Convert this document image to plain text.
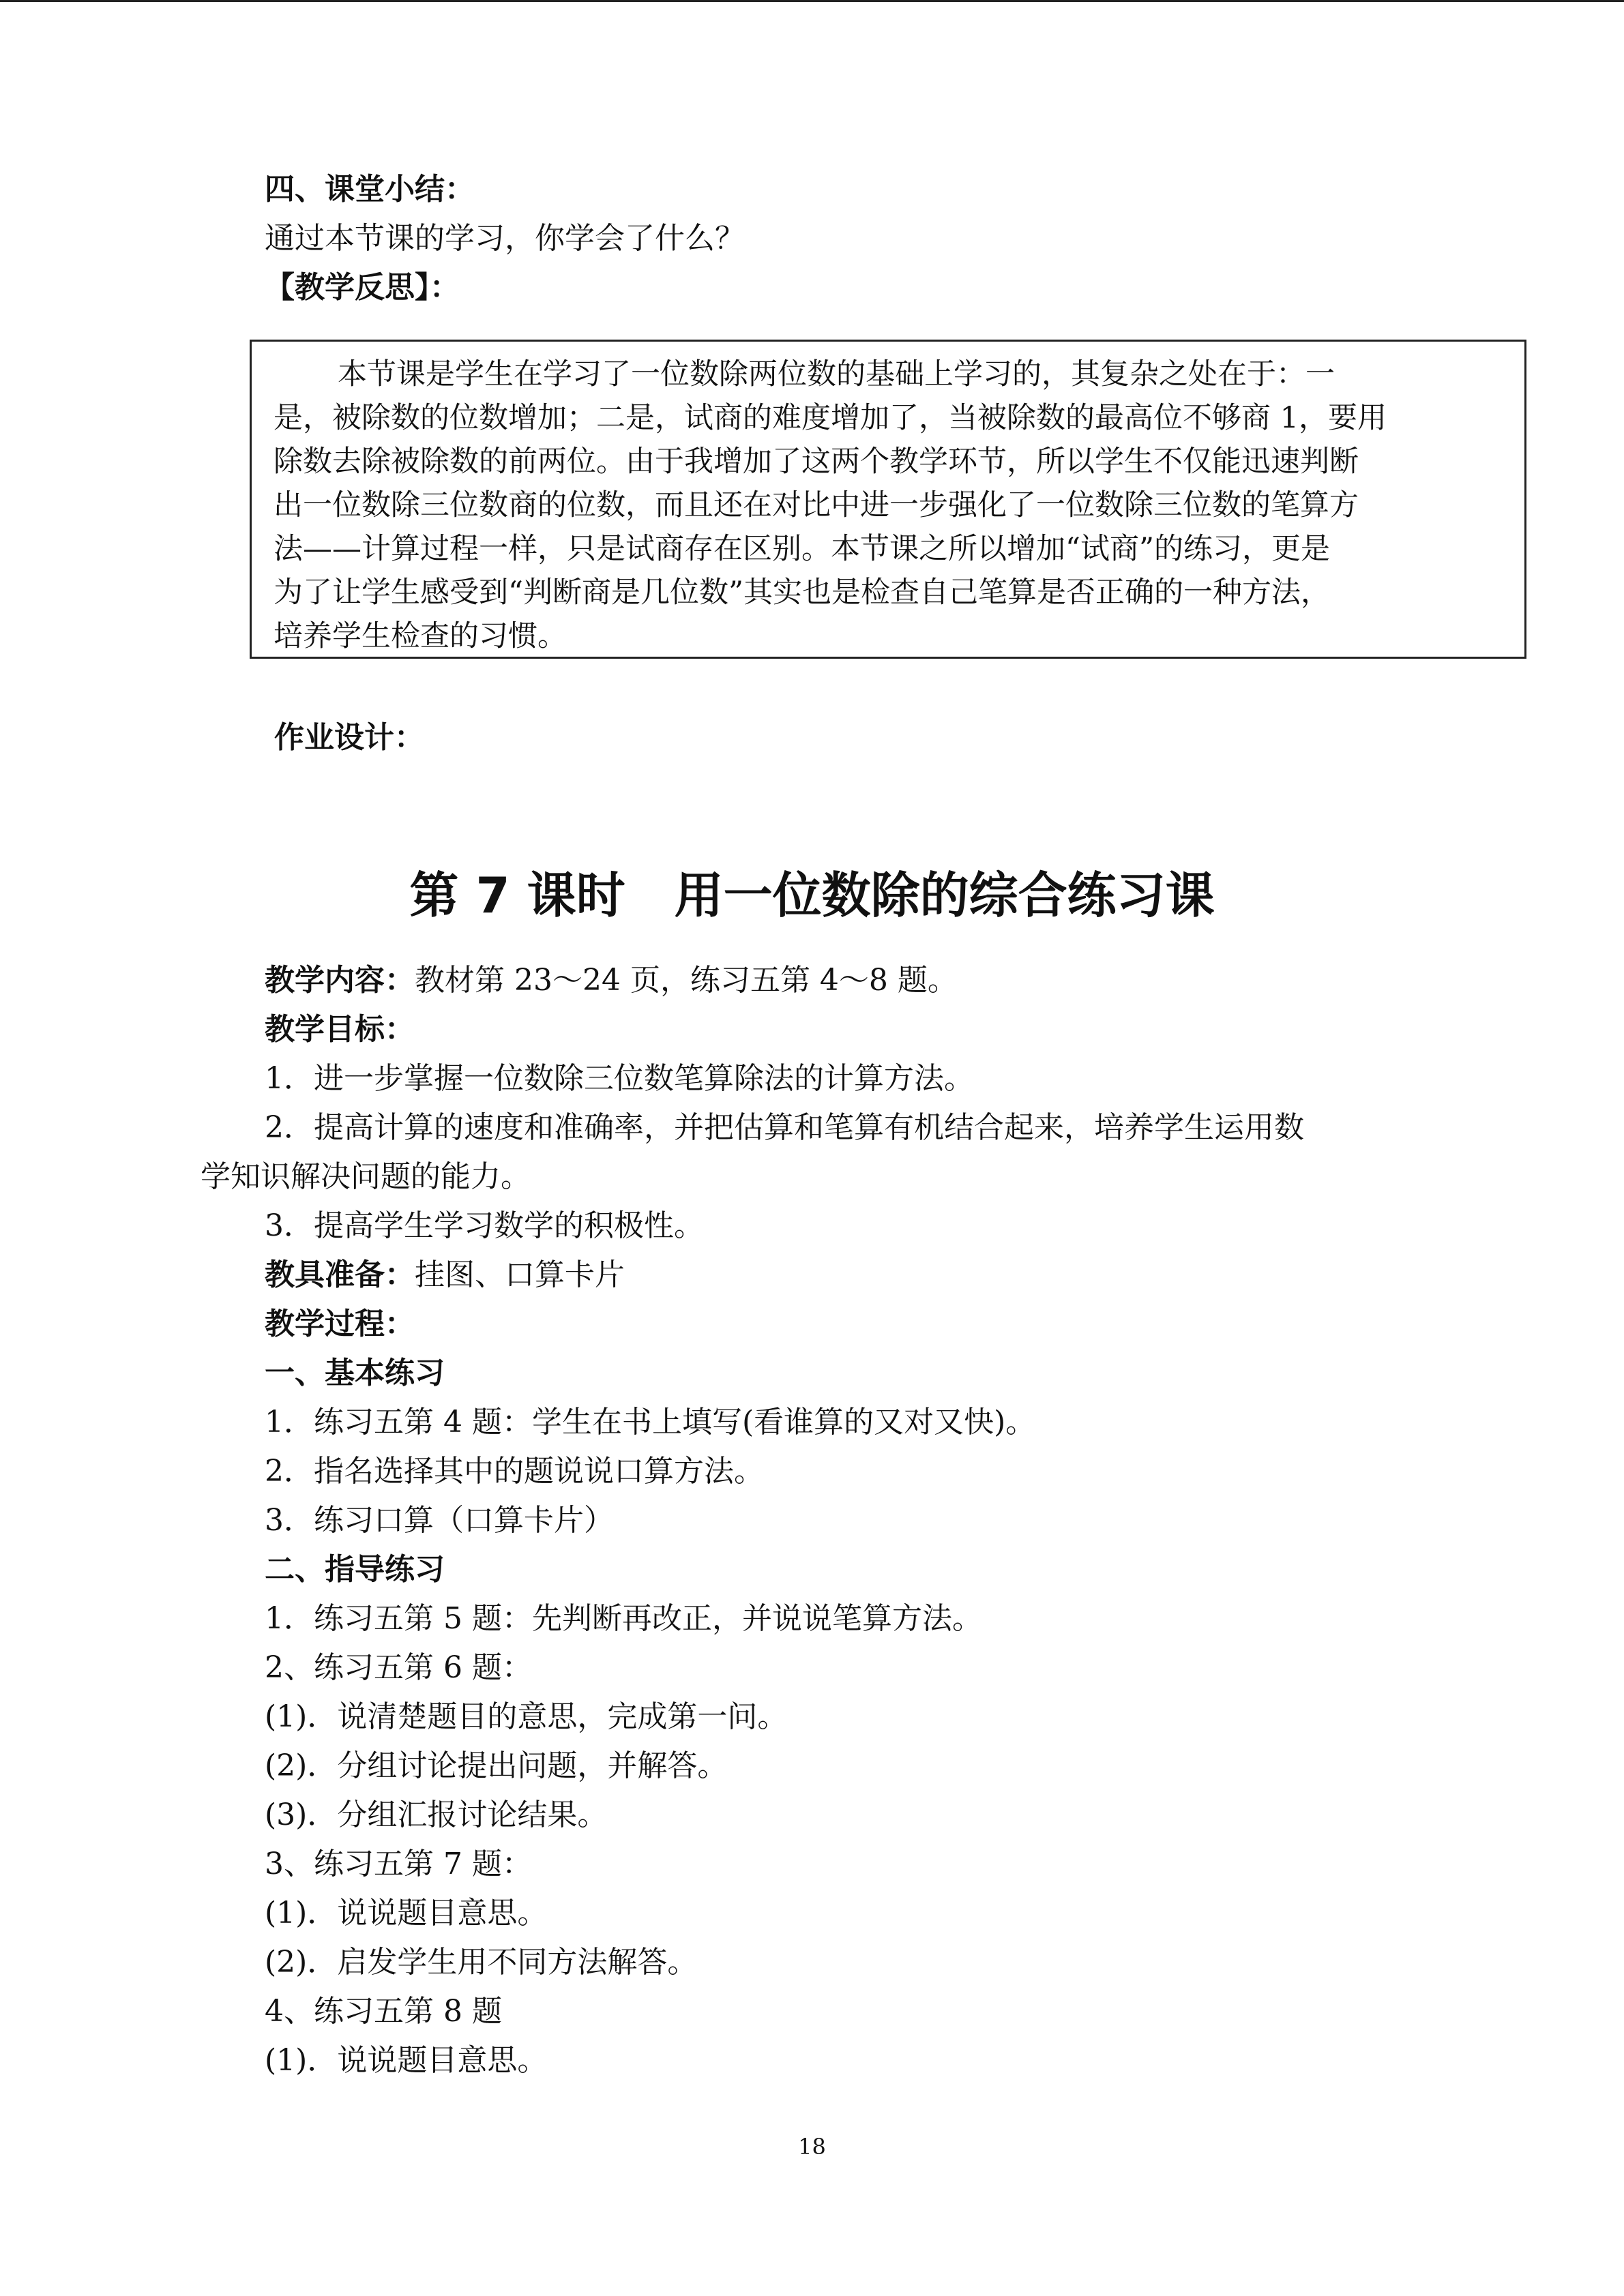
四、课堂小结：
通过本节课的学习，你学会了什么？
【教学反思】：
本节课是学生在学习了一位数除两位数的基础上学习的，其复杂之处在于：一
是，被除数的位数增加；二是，试商的难度增加了，当被除数的最高位不够商 1，要用
除数去除被除数的前两位。由于我增加了这两个教学环节，所以学生不仅能迅速判断
出一位数除三位数商的位数，而且还在对比中进一步强化了一位数除三位数的笔算方
法——计算过程一样，只是试商存在区别。本节课之所以增加“试商”的练习，更是
为了让学生感受到“判断商是几位数”其实也是检查自己笔算是否正确的一种方法，
培养学生检查的习惯。
作业设计：
第 7 课时　用一位数除的综合练习课
教学内容：教材第 23～24 页，练习五第 4～8 题。
教学目标：
1．进一步掌握一位数除三位数笔算除法的计算方法。
2．提高计算的速度和准确率，并把估算和笔算有机结合起来，培养学生运用数
学知识解决问题的能力。
3．提高学生学习数学的积极性。
教具准备：挂图、口算卡片
教学过程：
一、基本练习
1．练习五第 4 题：学生在书上填写(看谁算的又对又快)。
2．指名选择其中的题说说口算方法。
3．练习口算（口算卡片）
二、指导练习
1．练习五第 5 题：先判断再改正，并说说笔算方法。
2、练习五第 6 题：
(1)．说清楚题目的意思，完成第一问。
(2)．分组讨论提出问题，并解答。
(3)．分组汇报讨论结果。
3、练习五第 7 题：
(1)．说说题目意思。
(2)．启发学生用不同方法解答。
4、练习五第 8 题
(1)．说说题目意思。
18
